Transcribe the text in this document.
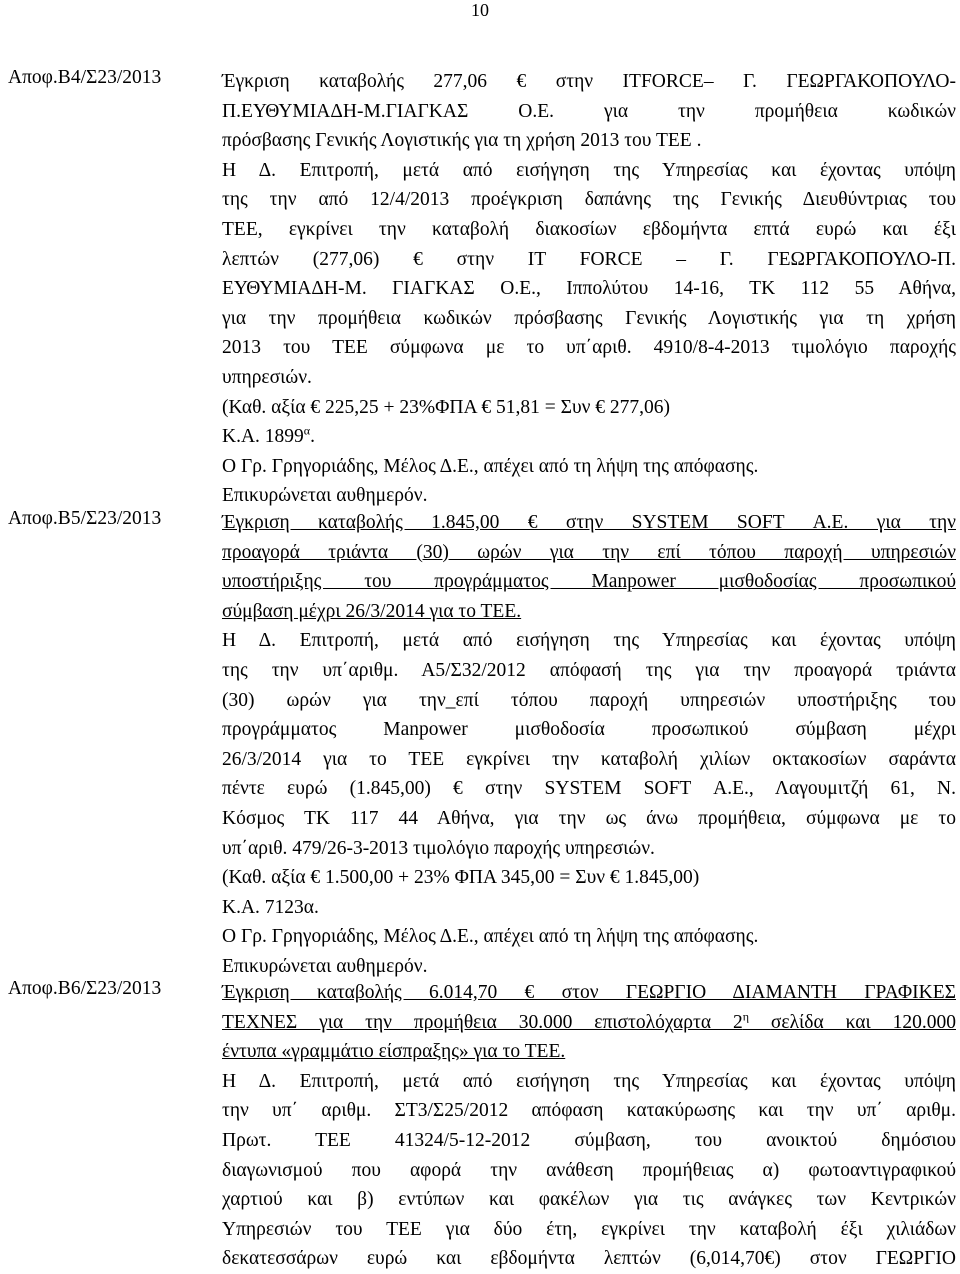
10
Αποφ.Β4/Σ23/2013	Έγκριση καταβολής 277,06 € στην ITFORCE– Γ. ΓΕΩΡΓΑΚΟΠΟΥΛΟ-

Π.ΕΥΘΥΜΙΑΔΗ-Μ.ΓΙΑΓΚΑΣ Ο.Ε. για την προμήθεια κωδικών

πρόσβασης Γενικής Λογιστικής για τη χρήση 2013 του ΤΕΕ .

Η Δ. Επιτροπή, μετά από εισήγηση της Υπηρεσίας και έχοντας υπόψη

της την από 12/4/2013 προέγκριση δαπάνης της Γενικής Διευθύντριας του

ΤΕΕ, εγκρίνει την καταβολή διακοσίων εβδομήντα επτά ευρώ και έξι

λεπτών (277,06) € στην IT FORCE – Γ. ΓΕΩΡΓΑΚΟΠΟΥΛΟ-Π.

ΕΥΘΥΜΙΑΔΗ-Μ. ΓΙΑΓΚΑΣ Ο.Ε., Ιππολύτου 14-16, ΤΚ 112 55 Αθήνα,

για την προμήθεια κωδικών πρόσβασης Γενικής Λογιστικής για τη χρήση

2013 του ΤΕΕ σύμφωνα με το υπ΄αριθ. 4910/8-4-2013 τιμολόγιο παροχής

υπηρεσιών.

(Καθ. αξία € 225,25 + 23%ΦΠΑ € 51,81 = Συν € 277,06)

Κ.Α. $1899^\alpha$.

Ο Γρ. Γρηγοριάδης, Μέλος Δ.Ε., απέχει από τη λήψη της απόφασης.

Επικυρώνεται αυθημερόν.

Αποφ.Β5/Σ23/2013	Έγκριση καταβολής 1.845,00 € στην SYSTEM SOFT Α.Ε. για την

προαγορά τριάντα (30) ωρών για την επί τόπου παροχή υπηρεσιών

υποστήριξης του προγράμματος Manpower μισθοδοσίας προσωπικού

σύμβαση μέχρι 26/3/2014 για το ΤΕΕ.

Η Δ. Επιτροπή, μετά από εισήγηση της Υπηρεσίας και έχοντας υπόψη

της την υπ΄αριθμ. Α5/Σ32/2012 απόφασή της για την προαγορά τριάντα

(30) ωρών για την_επί τόπου παροχή υπηρεσιών υποστήριξης του

προγράμματος Manpower μισθοδοσία προσωπικού σύμβαση μέχρι

26/3/2014 για το ΤΕΕ εγκρίνει την καταβολή χιλίων οκτακοσίων σαράντα

πέντε ευρώ (1.845,00) € στην SYSTEM SOFT Α.Ε., Λαγουμιτζή 61, Ν.

Κόσμος ΤΚ 117 44 Αθήνα, για την ως άνω προμήθεια, σύμφωνα με το

υπ΄αριθ. 479/26-3-2013 τιμολόγιο παροχής υπηρεσιών.

(Καθ. αξία € 1.500,00 + 23% ΦΠΑ 345,00 = Συν € 1.845,00)

Κ.Α. 7123α.

Ο Γρ. Γρηγοριάδης, Μέλος Δ.Ε., απέχει από τη λήψη της απόφασης.

Επικυρώνεται αυθημερόν.

Αποφ.Β6/Σ23/2013	Έγκριση καταβολής 6.014,70 € στον ΓΕΩΡΓΙΟ ΔΙΑΜΑΝΤΗ ΓΡΑΦΙΚΕΣ

ΤΕΧΝΕΣ για την προμήθεια 30.000 επιστολόχαρτα $2^\eta$ σελίδα και 120.000

έντυπα «γραμμάτιο είσπραξης» για το ΤΕΕ.

Η Δ. Επιτροπή, μετά από εισήγηση της Υπηρεσίας και έχοντας υπόψη

την υπ΄ αριθμ. ΣΤ3/Σ25/2012 απόφαση κατακύρωσης και την υπ΄ αριθμ.

Πρωτ. ΤΕΕ 41324/5-12-2012 σύμβαση, του ανοικτού δημόσιου

διαγωνισμού που αφορά την ανάθεση προμήθειας α) φωτοαντιγραφικού

χαρτιού και β) εντύπων και φακέλων για τις ανάγκες των Κεντρικών

Υπηρεσιών του ΤΕΕ για δύο έτη, εγκρίνει την καταβολή έξι χιλιάδων

δεκατεσσάρων ευρώ και εβδομήντα λεπτών (6,014,70€) στον ΓΕΩΡΓΙΟ
